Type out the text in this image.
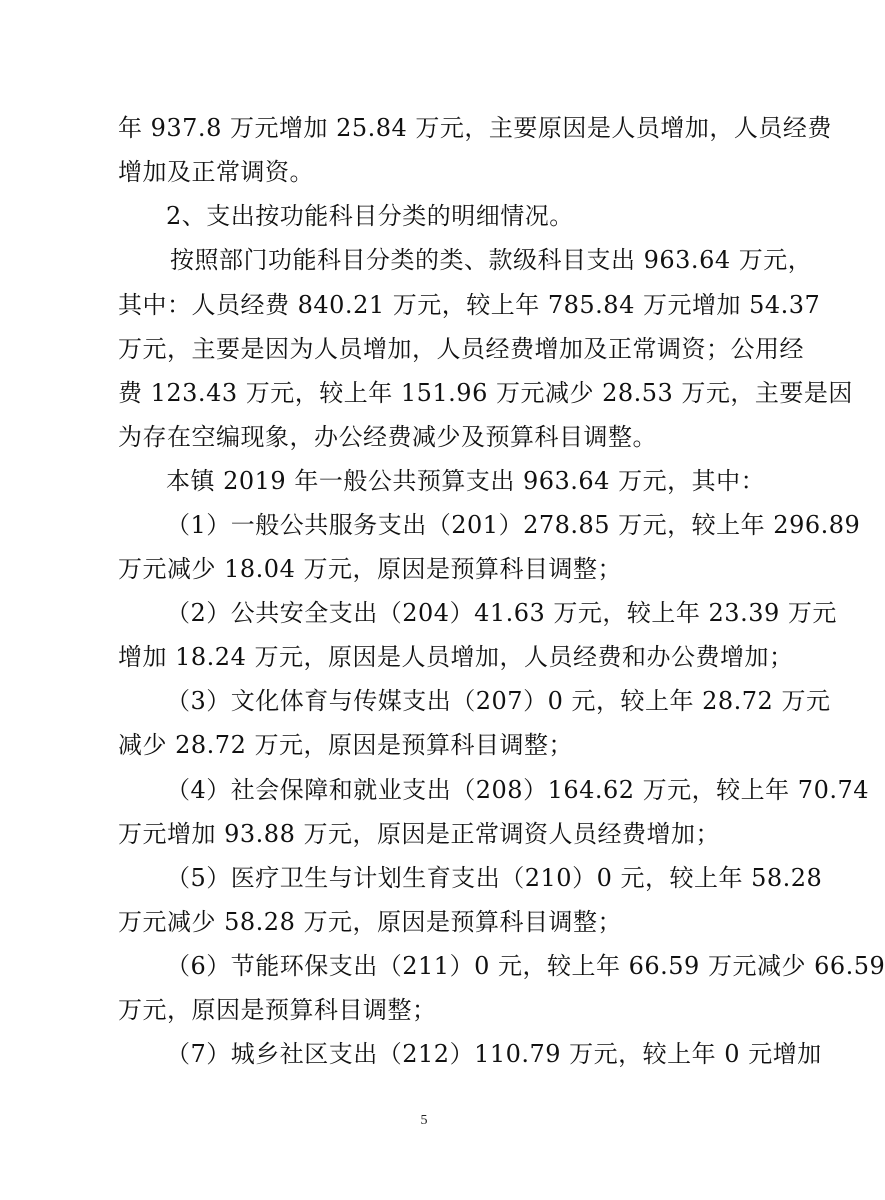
年 937.8 万元增加 25.84 万元，主要原因是人员增加，人员经费
增加及正常调资。
2、支出按功能科目分类的明细情况。
按照部门功能科目分类的类、款级科目支出 963.64 万元，
其中：人员经费 840.21 万元，较上年 785.84 万元增加 54.37
万元，主要是因为人员增加，人员经费增加及正常调资；公用经
费 123.43 万元，较上年 151.96 万元减少 28.53 万元，主要是因
为存在空编现象，办公经费减少及预算科目调整。
本镇 2019 年一般公共预算支出 963.64 万元，其中：
（1）一般公共服务支出（201）278.85 万元，较上年 296.89
万元减少 18.04 万元，原因是预算科目调整；
（2）公共安全支出（204）41.63 万元，较上年 23.39 万元
增加 18.24 万元，原因是人员增加，人员经费和办公费增加；
（3）文化体育与传媒支出（207）0 元，较上年 28.72 万元
减少 28.72 万元，原因是预算科目调整；
（4）社会保障和就业支出（208）164.62 万元，较上年 70.74
万元增加 93.88 万元，原因是正常调资人员经费增加；
（5）医疗卫生与计划生育支出（210）0 元，较上年 58.28
万元减少 58.28 万元，原因是预算科目调整；
（6）节能环保支出（211）0 元，较上年 66.59 万元减少 66.59
万元，原因是预算科目调整；
（7）城乡社区支出（212）110.79 万元，较上年 0 元增加
5
